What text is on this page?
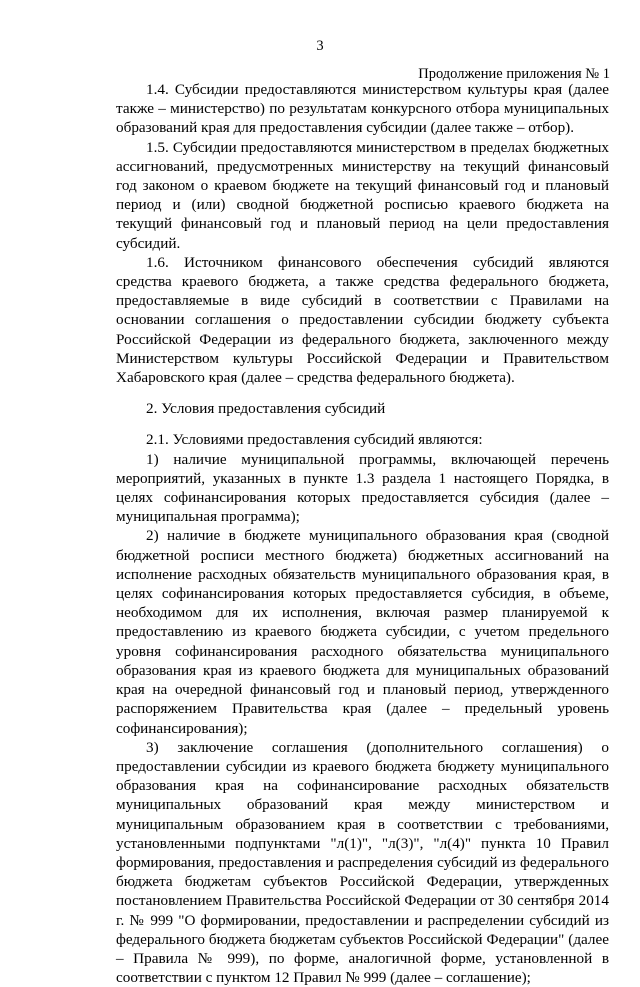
3
Продолжение приложения № 1

1.4. Субсидии предоставляются министерством культуры края (далее также – министерство) по результатам конкурсного отбора муниципальных образований края для предоставления субсидии (далее также – отбор).

1.5. Субсидии предоставляются министерством в пределах бюджетных ассигнований, предусмотренных министерству на текущий финансовый год законом о краевом бюджете на текущий финансовый год и плановый период и (или) сводной бюджетной росписью краевого бюджета на текущий финансовый год и плановый период на цели предоставления субсидий.

1.6. Источником финансового обеспечения субсидий являются средства краевого бюджета, а также средства федерального бюджета, предоставляемые в виде субсидий в соответствии с Правилами на основании соглашения о предоставлении субсидии бюджету субъекта Российской Федерации из федерального бюджета, заключенного между Министерством культуры Российской Федерации и Правительством Хабаровского края (далее – средства федерального бюджета).

2. Условия предоставления субсидий

2.1. Условиями предоставления субсидий являются:

1) наличие муниципальной программы, включающей перечень мероприятий, указанных в пункте 1.3 раздела 1 настоящего Порядка, в целях софинансирования которых предоставляется субсидия (далее – муниципальная программа);

2) наличие в бюджете муниципального образования края (сводной бюджетной росписи местного бюджета) бюджетных ассигнований на исполнение расходных обязательств муниципального образования края, в целях софинансирования которых предоставляется субсидия, в объеме, необходимом для их исполнения, включая размер планируемой к предоставлению из краевого бюджета субсидии, с учетом предельного уровня софинансирования расходного обязательства муниципального образования края из краевого бюджета для муниципальных образований края на очередной финансовый год и плановый период, утвержденного распоряжением Правительства края (далее – предельный уровень софинансирования);

3) заключение соглашения (дополнительного соглашения) о предоставлении субсидии из краевого бюджета бюджету муниципального образования края на софинансирование расходных обязательств муниципальных образований края между министерством и муниципальным образованием края в соответствии с требованиями, установленными подпунктами "л(1)", "л(3)", "л(4)" пункта 10 Правил формирования, предоставления и распределения субсидий из федерального бюджета бюджетам субъектов Российской Федерации, утвержденных постановлением Правительства Российской Федерации от 30 сентября 2014 г. № 999 "О формировании, предоставлении и распределении субсидий из федерального бюджета бюджетам субъектов Российской Федерации" (далее – Правила № 999), по форме, аналогичной форме, установленной в соответствии с пунктом 12 Правил № 999 (далее – соглашение);
